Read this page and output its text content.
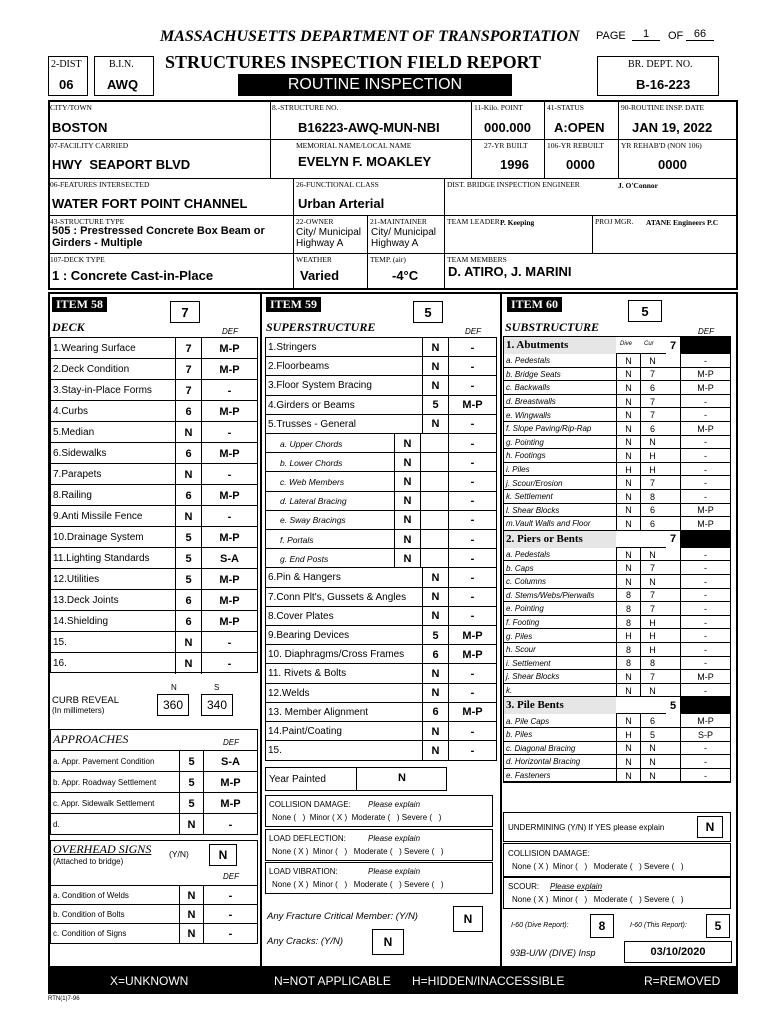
MASSACHUSETTS DEPARTMENT OF TRANSPORTATION PAGE	1	OF 66
STRUCTURES INSPECTION FIELD REPORT
ROUTINE INSPECTION
2-DIST
06
B.I.N.
AWQ
BR. DEPT. NO.
B-16-223
CITY/TOWN
BOSTON
8.-STRUCTURE NO.
B16223-AWQ-MUN-NBI
11-Kilo. POINT
000.000
41-STATUS
A:OPEN
90-ROUTINE INSP. DATE
JAN 19, 2022
07-FACILITY CARRIED
HWY  SEAPORT BLVD
MEMORIAL NAME/LOCAL NAME
EVELYN F. MOAKLEY
27-YR BUILT
1996
106-YR REBUILT
0000
YR REHAB'D (NON 106)
0000
06-FEATURES INTERSECTED
WATER FORT POINT CHANNEL
26-FUNCTIONAL CLASS
Urban Arterial
DIST. BRIDGE INSPECTION ENGINEER	J. O'Connor
43-STRUCTURE TYPE
505 : Prestressed Concrete Box Beam or Girders - Multiple
22-OWNER
City/ Municipal Highway A
21-MAINTAINER
City/ Municipal Highway A
TEAM LEADER P. Keeping	PROJ MGR. ATANE Engineers P.C
107-DECK TYPE
1 : Concrete Cast-in-Place
WEATHER
Varied
TEMP. (air)
-4°C
TEAM MEMBERS
D. ATIRO, J. MARINI
ITEM 58
7
DECK	DEF
1.Wearing Surface	7	M-P
2.Deck Condition	7	M-P
3.Stay-in-Place Forms	7	-
4.Curbs	6	M-P
5.Median	N	-
6.Sidewalks	6	M-P
7.Parapets	N	-
8.Railing	6	M-P
9.Anti Missile Fence	N	-
10.Drainage System	5	M-P
11.Lighting Standards	5	S-A
12.Utilities	5	M-P
13.Deck Joints	6	M-P
14.Shielding	6	M-P
15.	N	-
16.	N	-
N	S
CURB REVEAL
(In millimeters)	360	340
APPROACHES	DEF
a. Appr. Pavement Condition	5	S-A
b. Appr. Roadway Settlement	5	M-P
c. Appr. Sidewalk Settlement	5	M-P
d.	N	-
OVERHEAD SIGNS
(Attached to bridge)
(Y/N)	N
DEF
a. Condition of Welds	N	-
b. Condition of Bolts	N	-
c. Condition of Signs	N	-
ITEM 59
5
SUPERSTRUCTURE	DEF
1.Stringers	N	-
2.Floorbeams	N	-
3.Floor System Bracing	N	-
4.Girders or Beams	5	M-P
5.Trusses - General	N	-
a. Upper Chords	N	-
b. Lower Chords	N	-
c. Web Members	N	-
d. Lateral Bracing	N	-
e. Sway Bracings	N	-
f. Portals	N	-
g. End Posts	N	-
6.Pin & Hangers	N	-
7.Conn Plt's, Gussets & Angles	N	-
8.Cover Plates	N	-
9.Bearing Devices	5	M-P
10. Diaphragms/Cross Frames	6	M-P
11. Rivets & Bolts	N	-
12.Welds	N	-
13. Member Alignment	6	M-P
14.Paint/Coating	N	-
15.	N	-
Year Painted	N
COLLISION DAMAGE: Please explain
None (   )  Minor ( X )  Moderate (   ) Severe (   )
LOAD DEFLECTION:	Please explain
None ( X )  Minor (   )   Moderate (   ) Severe (   )
LOAD VIBRATION:	Please explain
None ( X )  Minor (   )   Moderate (   ) Severe (   )
Any Fracture Critical Member: (Y/N)	N
Any Cracks: (Y/N)	N
ITEM 60	5
SUBSTRUCTURE	DEF
1. Abutments	Dive Cur	7
a. Pedestals	N	N	-
b. Bridge Seats	N	7	M-P
c. Backwalls	N	6	M-P
d. Breastwalls	N	7	-
e. Wingwalls	N	7	-
f. Slope Paving/Rip-Rap	N	6	M-P
g. Pointing	N	N	-
h. Footings	N	H	-
i. Piles	H	H	-
j. Scour/Erosion	N	7	-
k. Settlement	N	8	-
l. Shear Blocks	N	6	M-P
m.Vault Walls and Floor	N	6	M-P
2. Piers or Bents	7
a. Pedestals	N	N	-
b. Caps	N	7	-
c. Columns	N	N	-
d. Stems/Webs/Pierwalls	8	7	-
e. Pointing	8	7	-
f. Footing	8	H	-
g. Piles	H	H	-
h. Scour	8	H	-
i. Settlement	8	8	-
j. Shear Blocks	N	7	M-P
k.	N	N	-
3. Pile Bents	5
a. Pile Caps	N	6	M-P
b. Piles	H	5	S-P
c. Diagonal Bracing	N	N	-
d. Horizontal Bracing	N	N	-
e. Fasteners	N	N	-
UNDERMINING (Y/N) If YES please explain	N
COLLISION DAMAGE:
None ( X )  Minor (   )   Moderate (   ) Severe (   )
SCOUR: Please explain
None ( X )  Minor (   )   Moderate (   ) Severe (   )
I-60 (Dive Report):	8	I-60 (This Report):	5
93B-U/W (DIVE) Insp	03/10/2020
X=UNKNOWN	N=NOT APPLICABLE H=HIDDEN/INACCESSIBLE	R=REMOVED
RTN(1)7-96
